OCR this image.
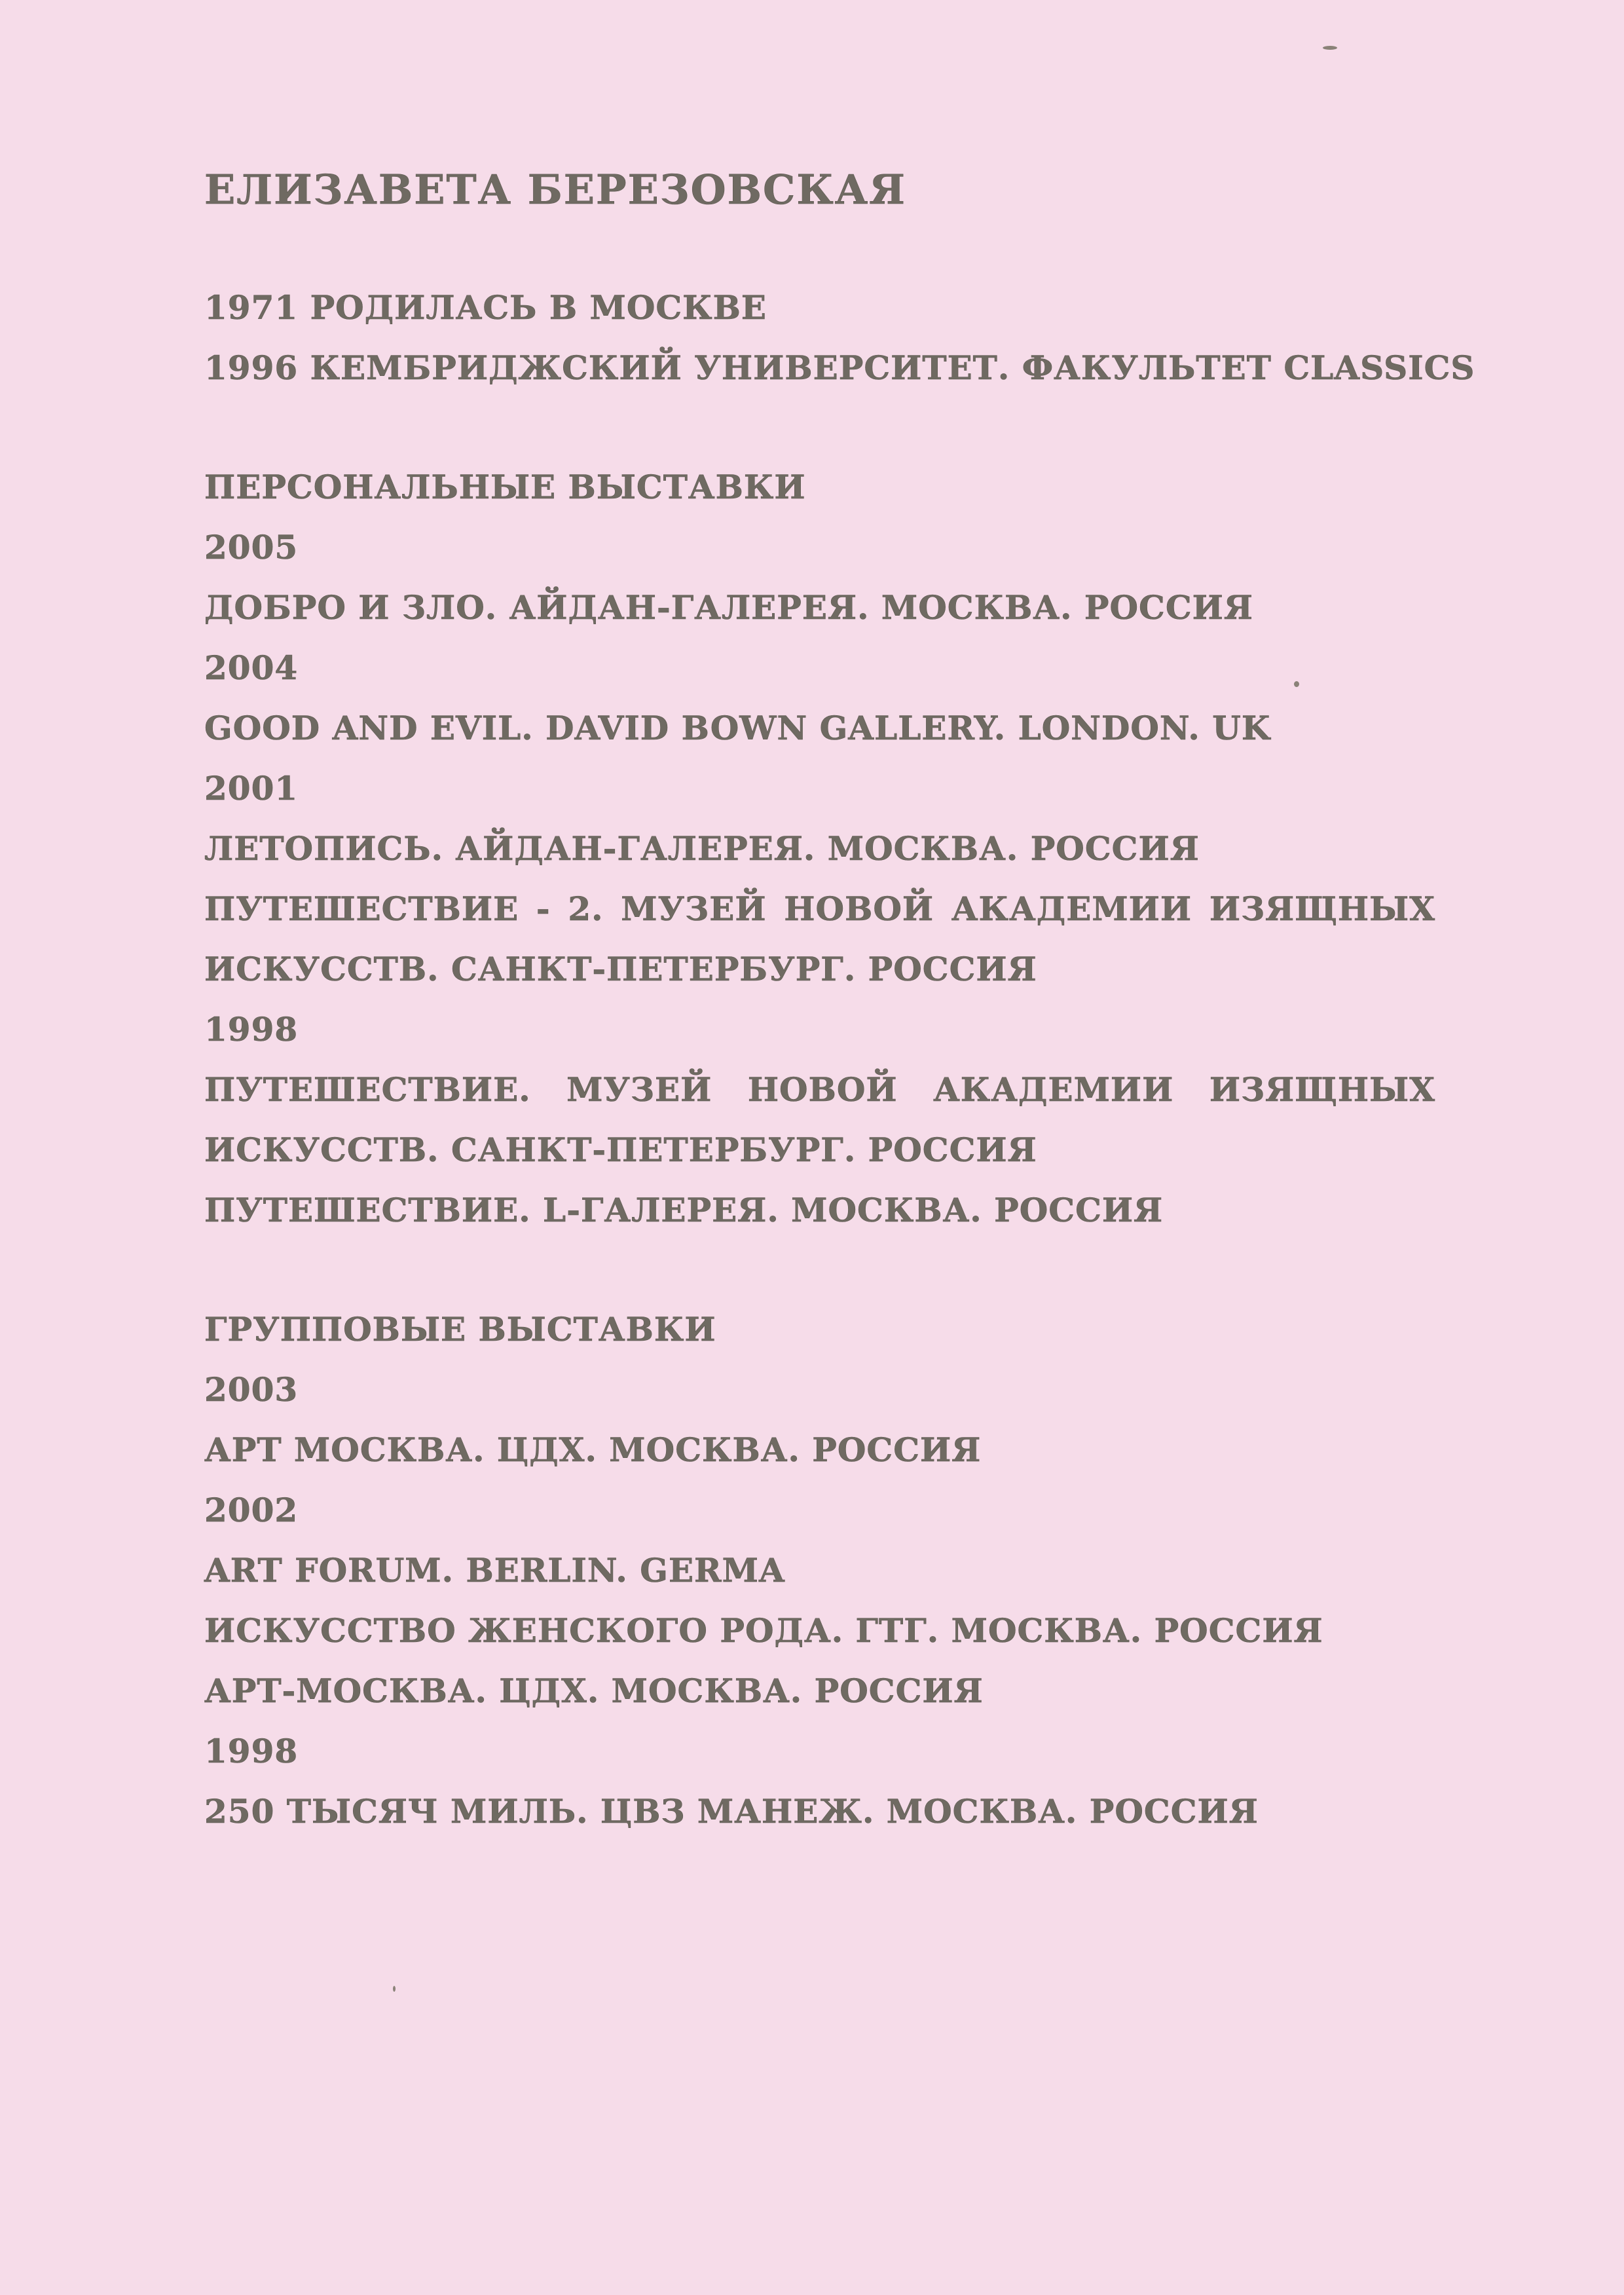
ЕЛИЗАВЕТА БЕРЕЗОВСКАЯ
1971 РОДИЛАСЬ В МОСКВЕ
1996 КЕМБРИДЖСКИЙ УНИВЕРСИТЕТ. ФАКУЛЬТЕТ CLASSICS
ПЕРСОНАЛЬНЫЕ ВЫСТАВКИ
2005
ДОБРО И ЗЛО. АЙДАН-ГАЛЕРЕЯ. МОСКВА. РОССИЯ
2004
GOOD AND EVIL. DAVID BOWN GALLERY. LONDON. UK
2001
ЛЕТОПИСЬ. АЙДАН-ГАЛЕРЕЯ. МОСКВА. РОССИЯ
ПУТЕШЕСТВИЕ - 2. МУЗЕЙ НОВОЙ АКАДЕМИИ ИЗЯЩНЫХ
ИСКУССТВ. САНКТ-ПЕТЕРБУРГ. РОССИЯ
1998
ПУТЕШЕСТВИЕ. МУЗЕЙ НОВОЙ АКАДЕМИИ ИЗЯЩНЫХ
ИСКУССТВ. САНКТ-ПЕТЕРБУРГ. РОССИЯ
ПУТЕШЕСТВИЕ. L-ГАЛЕРЕЯ. МОСКВА. РОССИЯ
ГРУППОВЫЕ ВЫСТАВКИ
2003
АРТ МОСКВА. ЦДХ. МОСКВА. РОССИЯ
2002
ART FORUM. BERLIN. GERMA
ИСКУССТВО ЖЕНСКОГО РОДА. ГТГ. МОСКВА. РОССИЯ
АРТ-МОСКВА. ЦДХ. МОСКВА. РОССИЯ
1998
250 ТЫСЯЧ МИЛЬ. ЦВЗ МАНЕЖ. МОСКВА. РОССИЯ
